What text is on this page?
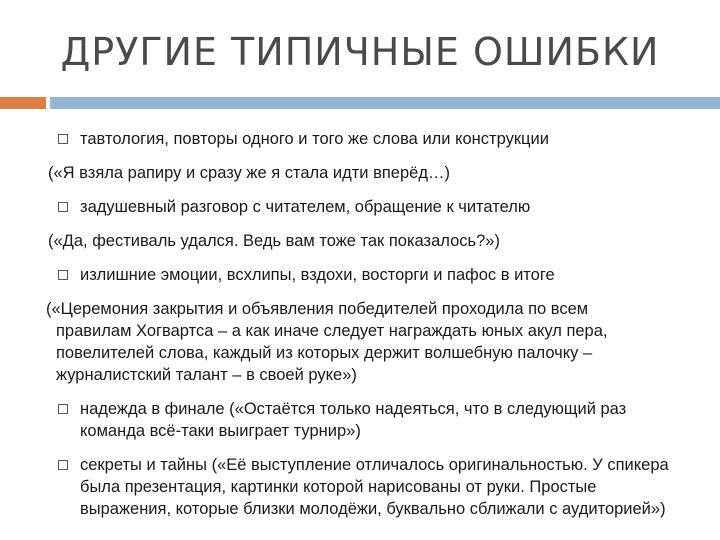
ДРУГИЕ ТИПИЧНЫЕ ОШИБКИ
тавтология, повторы одного и того же слова или конструкции
(«Я взяла рапиру и сразу же я стала идти вперёд…)
задушевный разговор с читателем, обращение к читателю
(«Да, фестиваль удался. Ведь вам тоже так показалось?»)
излишние эмоции, всхлипы, вздохи, восторги и пафос в итоге
(«Церемония закрытия и объявления победителей проходила по всем
правилам Хогвартса – а как иначе следует награждать юных акул пера, повелителей слова, каждый из которых держит волшебную палочку – журналистский талант – в своей руке»)
надежда в финале («Остаётся только надеяться, что в следующий раз команда всё-таки выиграет турнир»)
секреты и тайны («Её выступление отличалось оригинальностью. У спикера была презентация, картинки которой нарисованы от руки. Простые выражения, которые близки молодёжи, буквально сближали с аудиторией»)
